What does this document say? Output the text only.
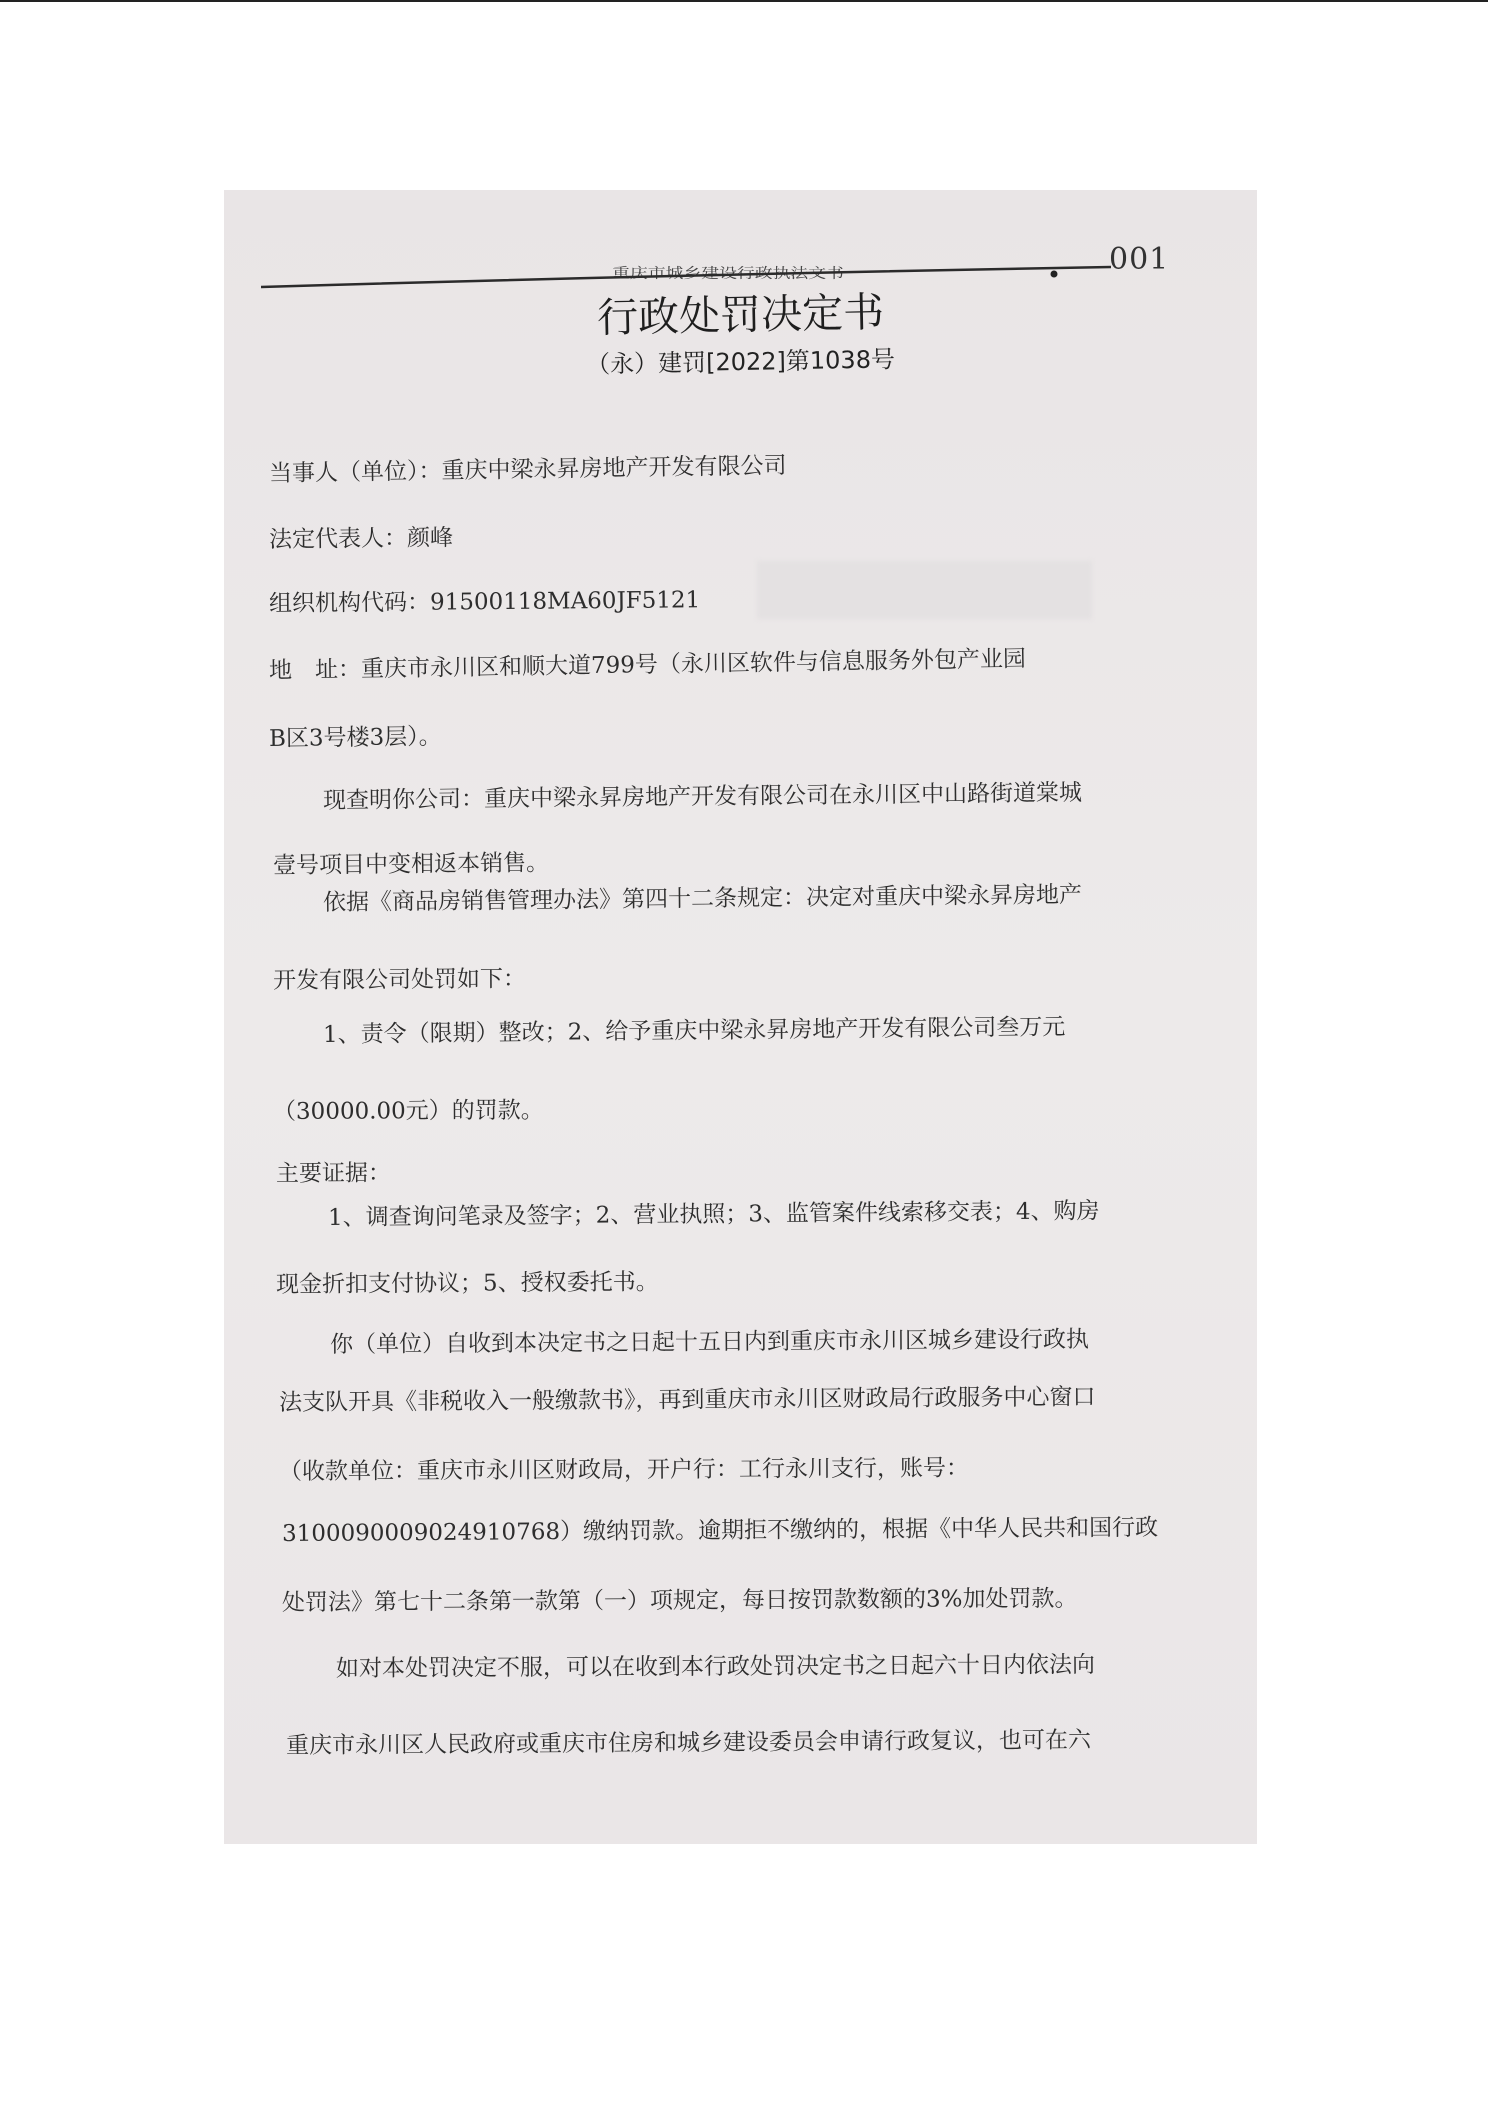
重庆市城乡建设行政执法文书	001
行政处罚决定书
（永）建罚[2022]第1038号
当事人（单位）：重庆中梁永昇房地产开发有限公司
法定代表人：颜峰
组织机构代码：91500118MA60JF5121
地　址：重庆市永川区和顺大道799号（永川区软件与信息服务外包产业园
B区3号楼3层）。
现查明你公司：重庆中梁永昇房地产开发有限公司在永川区中山路街道棠城
壹号项目中变相返本销售。
依据《商品房销售管理办法》第四十二条规定：决定对重庆中梁永昇房地产
开发有限公司处罚如下：
1、责令（限期）整改；2、给予重庆中梁永昇房地产开发有限公司叁万元
（30000.00元）的罚款。
主要证据：
1、调查询问笔录及签字；2、营业执照；3、监管案件线索移交表；4、购房
现金折扣支付协议；5、授权委托书。
你（单位）自收到本决定书之日起十五日内到重庆市永川区城乡建设行政执
法支队开具《非税收入一般缴款书》，再到重庆市永川区财政局行政服务中心窗口
（收款单位：重庆市永川区财政局，开户行：工行永川支行，账号：
3100090009024910768）缴纳罚款。逾期拒不缴纳的，根据《中华人民共和国行政
处罚法》第七十二条第一款第（一）项规定，每日按罚款数额的3%加处罚款。
如对本处罚决定不服，可以在收到本行政处罚决定书之日起六十日内依法向
重庆市永川区人民政府或重庆市住房和城乡建设委员会申请行政复议，也可在六
